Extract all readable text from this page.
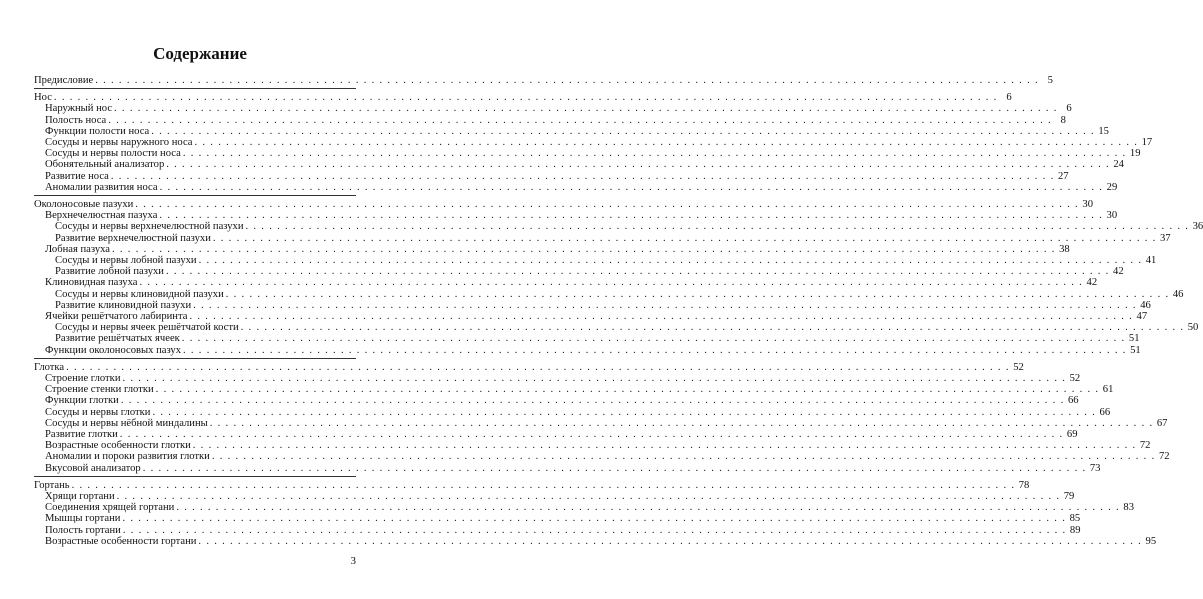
Содержание
Предисловие . . . . . . . . . . . . . . . . . . . . . . . . . . . . . . . . . . . . . . . . . . . . . . . . . . . . . . . . . . . . . . . . . . . . . . . . . . . . . . . . . . . . . . . . . . . . . . . . . . . . . . . . . . . . . . . . . . . . . . . . 5
Нос . . . . . . . . . . . . . . . . . . . . . . . . . . . . . . . . . . . . . . . . . . . . . . . . . . . . . . . . . . . . . . . . . . . . . . . . . . . . . . . . . . . . . . . . . . . . . . . . . . . . . . . . . . . . . . . . . . . . . . . . 6
Наружный нос . . . . . . . . . . . . . . . . . . . . . . . . . . . . . . . . . . . . . . . . . . . . . . . . . . . . . . . . . . . . . . . . . . . . . . . . . . . . . . . . . . . . . . . . . . . . . . . . . . . . . . . . . . . . . . . . . . . . . . . . 6
Полость носа . . . . . . . . . . . . . . . . . . . . . . . . . . . . . . . . . . . . . . . . . . . . . . . . . . . . . . . . . . . . . . . . . . . . . . . . . . . . . . . . . . . . . . . . . . . . . . . . . . . . . . . . . . . . . . . . . . . . . . . . 8
Функции полости носа . . . . . . . . . . . . . . . . . . . . . . . . . . . . . . . . . . . . . . . . . . . . . . . . . . . . . . . . . . . . . . . . . . . . . . . . . . . . . . . . . . . . . . . . . . . . . . . . . . . . . . . . . . . . . . . . . . . . . . . . 15
Сосуды и нервы наружного носа . . . . . . . . . . . . . . . . . . . . . . . . . . . . . . . . . . . . . . . . . . . . . . . . . . . . . . . . . . . . . . . . . . . . . . . . . . . . . . . . . . . . . . . . . . . . . . . . . . . . . . . . . . . . . . . . . . . . . . . . 17
Сосуды и нервы полости носа . . . . . . . . . . . . . . . . . . . . . . . . . . . . . . . . . . . . . . . . . . . . . . . . . . . . . . . . . . . . . . . . . . . . . . . . . . . . . . . . . . . . . . . . . . . . . . . . . . . . . . . . . . . . . . . . . . . . . . . . 19
Обонятельный анализатор . . . . . . . . . . . . . . . . . . . . . . . . . . . . . . . . . . . . . . . . . . . . . . . . . . . . . . . . . . . . . . . . . . . . . . . . . . . . . . . . . . . . . . . . . . . . . . . . . . . . . . . . . . . . . . . . . . . . . . . . 24
Развитие носа . . . . . . . . . . . . . . . . . . . . . . . . . . . . . . . . . . . . . . . . . . . . . . . . . . . . . . . . . . . . . . . . . . . . . . . . . . . . . . . . . . . . . . . . . . . . . . . . . . . . . . . . . . . . . . . . . . . . . . . . 27
Аномалии развития носа . . . . . . . . . . . . . . . . . . . . . . . . . . . . . . . . . . . . . . . . . . . . . . . . . . . . . . . . . . . . . . . . . . . . . . . . . . . . . . . . . . . . . . . . . . . . . . . . . . . . . . . . . . . . . . . . . . . . . . . . 29
Околоносовые пазухи . . . . . . . . . . . . . . . . . . . . . . . . . . . . . . . . . . . . . . . . . . . . . . . . . . . . . . . . . . . . . . . . . . . . . . . . . . . . . . . . . . . . . . . . . . . . . . . . . . . . . . . . . . . . . . . . . . . . . . . . 30
Верхнечелюстная пазуха . . . . . . . . . . . . . . . . . . . . . . . . . . . . . . . . . . . . . . . . . . . . . . . . . . . . . . . . . . . . . . . . . . . . . . . . . . . . . . . . . . . . . . . . . . . . . . . . . . . . . . . . . . . . . . . . . . . . . . . . 30
Сосуды и нервы верхнечелюстной пазухи . . . . . . . . . . . . . . . . . . . . . . . . . . . . . . . . . . . . . . . . . . . . . . . . . . . . . . . . . . . . . . . . . . . . . . . . . . . . . . . . . . . . . . . . . . . . . . . . . . . . . . . . . . . . . . . . . . . . . . . . 36
Развитие верхнечелюстной пазухи . . . . . . . . . . . . . . . . . . . . . . . . . . . . . . . . . . . . . . . . . . . . . . . . . . . . . . . . . . . . . . . . . . . . . . . . . . . . . . . . . . . . . . . . . . . . . . . . . . . . . . . . . . . . . . . . . . . . . . . . 37
Лобная пазуха . . . . . . . . . . . . . . . . . . . . . . . . . . . . . . . . . . . . . . . . . . . . . . . . . . . . . . . . . . . . . . . . . . . . . . . . . . . . . . . . . . . . . . . . . . . . . . . . . . . . . . . . . . . . . . . . . . . . . . . . 38
Сосуды и нервы лобной пазухи . . . . . . . . . . . . . . . . . . . . . . . . . . . . . . . . . . . . . . . . . . . . . . . . . . . . . . . . . . . . . . . . . . . . . . . . . . . . . . . . . . . . . . . . . . . . . . . . . . . . . . . . . . . . . . . . . . . . . . . . 41
Развитие лобной пазухи . . . . . . . . . . . . . . . . . . . . . . . . . . . . . . . . . . . . . . . . . . . . . . . . . . . . . . . . . . . . . . . . . . . . . . . . . . . . . . . . . . . . . . . . . . . . . . . . . . . . . . . . . . . . . . . . . . . . . . . . 42
Клиновидная пазуха . . . . . . . . . . . . . . . . . . . . . . . . . . . . . . . . . . . . . . . . . . . . . . . . . . . . . . . . . . . . . . . . . . . . . . . . . . . . . . . . . . . . . . . . . . . . . . . . . . . . . . . . . . . . . . . . . . . . . . . . 42
Сосуды и нервы клиновидной пазухи . . . . . . . . . . . . . . . . . . . . . . . . . . . . . . . . . . . . . . . . . . . . . . . . . . . . . . . . . . . . . . . . . . . . . . . . . . . . . . . . . . . . . . . . . . . . . . . . . . . . . . . . . . . . . . . . . . . . . . . . 46
Развитие клиновидной пазухи . . . . . . . . . . . . . . . . . . . . . . . . . . . . . . . . . . . . . . . . . . . . . . . . . . . . . . . . . . . . . . . . . . . . . . . . . . . . . . . . . . . . . . . . . . . . . . . . . . . . . . . . . . . . . . . . . . . . . . . . 46
Ячейки решётчатого лабиринта . . . . . . . . . . . . . . . . . . . . . . . . . . . . . . . . . . . . . . . . . . . . . . . . . . . . . . . . . . . . . . . . . . . . . . . . . . . . . . . . . . . . . . . . . . . . . . . . . . . . . . . . . . . . . . . . . . . . . . . . 47
Сосуды и нервы ячеек решётчатой кости . . . . . . . . . . . . . . . . . . . . . . . . . . . . . . . . . . . . . . . . . . . . . . . . . . . . . . . . . . . . . . . . . . . . . . . . . . . . . . . . . . . . . . . . . . . . . . . . . . . . . . . . . . . . . . . . . . . . . . . . 50
Развитие решётчатых ячеек . . . . . . . . . . . . . . . . . . . . . . . . . . . . . . . . . . . . . . . . . . . . . . . . . . . . . . . . . . . . . . . . . . . . . . . . . . . . . . . . . . . . . . . . . . . . . . . . . . . . . . . . . . . . . . . . . . . . . . . . 51
Функции околоносовых пазух . . . . . . . . . . . . . . . . . . . . . . . . . . . . . . . . . . . . . . . . . . . . . . . . . . . . . . . . . . . . . . . . . . . . . . . . . . . . . . . . . . . . . . . . . . . . . . . . . . . . . . . . . . . . . . . . . . . . . . . . 51
Глотка . . . . . . . . . . . . . . . . . . . . . . . . . . . . . . . . . . . . . . . . . . . . . . . . . . . . . . . . . . . . . . . . . . . . . . . . . . . . . . . . . . . . . . . . . . . . . . . . . . . . . . . . . . . . . . . . . . . . . . . . 52
Строение глотки . . . . . . . . . . . . . . . . . . . . . . . . . . . . . . . . . . . . . . . . . . . . . . . . . . . . . . . . . . . . . . . . . . . . . . . . . . . . . . . . . . . . . . . . . . . . . . . . . . . . . . . . . . . . . . . . . . . . . . . . 52
Строение стенки глотки . . . . . . . . . . . . . . . . . . . . . . . . . . . . . . . . . . . . . . . . . . . . . . . . . . . . . . . . . . . . . . . . . . . . . . . . . . . . . . . . . . . . . . . . . . . . . . . . . . . . . . . . . . . . . . . . . . . . . . . . 61
Функции глотки . . . . . . . . . . . . . . . . . . . . . . . . . . . . . . . . . . . . . . . . . . . . . . . . . . . . . . . . . . . . . . . . . . . . . . . . . . . . . . . . . . . . . . . . . . . . . . . . . . . . . . . . . . . . . . . . . . . . . . . . 66
Сосуды и нервы глотки . . . . . . . . . . . . . . . . . . . . . . . . . . . . . . . . . . . . . . . . . . . . . . . . . . . . . . . . . . . . . . . . . . . . . . . . . . . . . . . . . . . . . . . . . . . . . . . . . . . . . . . . . . . . . . . . . . . . . . . . 66
Сосуды и нервы нёбной миндалины . . . . . . . . . . . . . . . . . . . . . . . . . . . . . . . . . . . . . . . . . . . . . . . . . . . . . . . . . . . . . . . . . . . . . . . . . . . . . . . . . . . . . . . . . . . . . . . . . . . . . . . . . . . . . . . . . . . . . . . . 67
Развитие глотки . . . . . . . . . . . . . . . . . . . . . . . . . . . . . . . . . . . . . . . . . . . . . . . . . . . . . . . . . . . . . . . . . . . . . . . . . . . . . . . . . . . . . . . . . . . . . . . . . . . . . . . . . . . . . . . . . . . . . . . . 69
Возрастные особенности глотки . . . . . . . . . . . . . . . . . . . . . . . . . . . . . . . . . . . . . . . . . . . . . . . . . . . . . . . . . . . . . . . . . . . . . . . . . . . . . . . . . . . . . . . . . . . . . . . . . . . . . . . . . . . . . . . . . . . . . . . . 72
Аномалии и пороки развития глотки . . . . . . . . . . . . . . . . . . . . . . . . . . . . . . . . . . . . . . . . . . . . . . . . . . . . . . . . . . . . . . . . . . . . . . . . . . . . . . . . . . . . . . . . . . . . . . . . . . . . . . . . . . . . . . . . . . . . . . . . 72
Вкусовой анализатор . . . . . . . . . . . . . . . . . . . . . . . . . . . . . . . . . . . . . . . . . . . . . . . . . . . . . . . . . . . . . . . . . . . . . . . . . . . . . . . . . . . . . . . . . . . . . . . . . . . . . . . . . . . . . . . . . . . . . . . . 73
Гортань . . . . . . . . . . . . . . . . . . . . . . . . . . . . . . . . . . . . . . . . . . . . . . . . . . . . . . . . . . . . . . . . . . . . . . . . . . . . . . . . . . . . . . . . . . . . . . . . . . . . . . . . . . . . . . . . . . . . . . . . 78
Хрящи гортани . . . . . . . . . . . . . . . . . . . . . . . . . . . . . . . . . . . . . . . . . . . . . . . . . . . . . . . . . . . . . . . . . . . . . . . . . . . . . . . . . . . . . . . . . . . . . . . . . . . . . . . . . . . . . . . . . . . . . . . . 79
Соединения хрящей гортани . . . . . . . . . . . . . . . . . . . . . . . . . . . . . . . . . . . . . . . . . . . . . . . . . . . . . . . . . . . . . . . . . . . . . . . . . . . . . . . . . . . . . . . . . . . . . . . . . . . . . . . . . . . . . . . . . . . . . . . . 83
Мышцы гортани . . . . . . . . . . . . . . . . . . . . . . . . . . . . . . . . . . . . . . . . . . . . . . . . . . . . . . . . . . . . . . . . . . . . . . . . . . . . . . . . . . . . . . . . . . . . . . . . . . . . . . . . . . . . . . . . . . . . . . . . 85
Полость гортани . . . . . . . . . . . . . . . . . . . . . . . . . . . . . . . . . . . . . . . . . . . . . . . . . . . . . . . . . . . . . . . . . . . . . . . . . . . . . . . . . . . . . . . . . . . . . . . . . . . . . . . . . . . . . . . . . . . . . . . . 89
Возрастные особенности гортани . . . . . . . . . . . . . . . . . . . . . . . . . . . . . . . . . . . . . . . . . . . . . . . . . . . . . . . . . . . . . . . . . . . . . . . . . . . . . . . . . . . . . . . . . . . . . . . . . . . . . . . . . . . . . . . . . . . . . . . . 95
3
